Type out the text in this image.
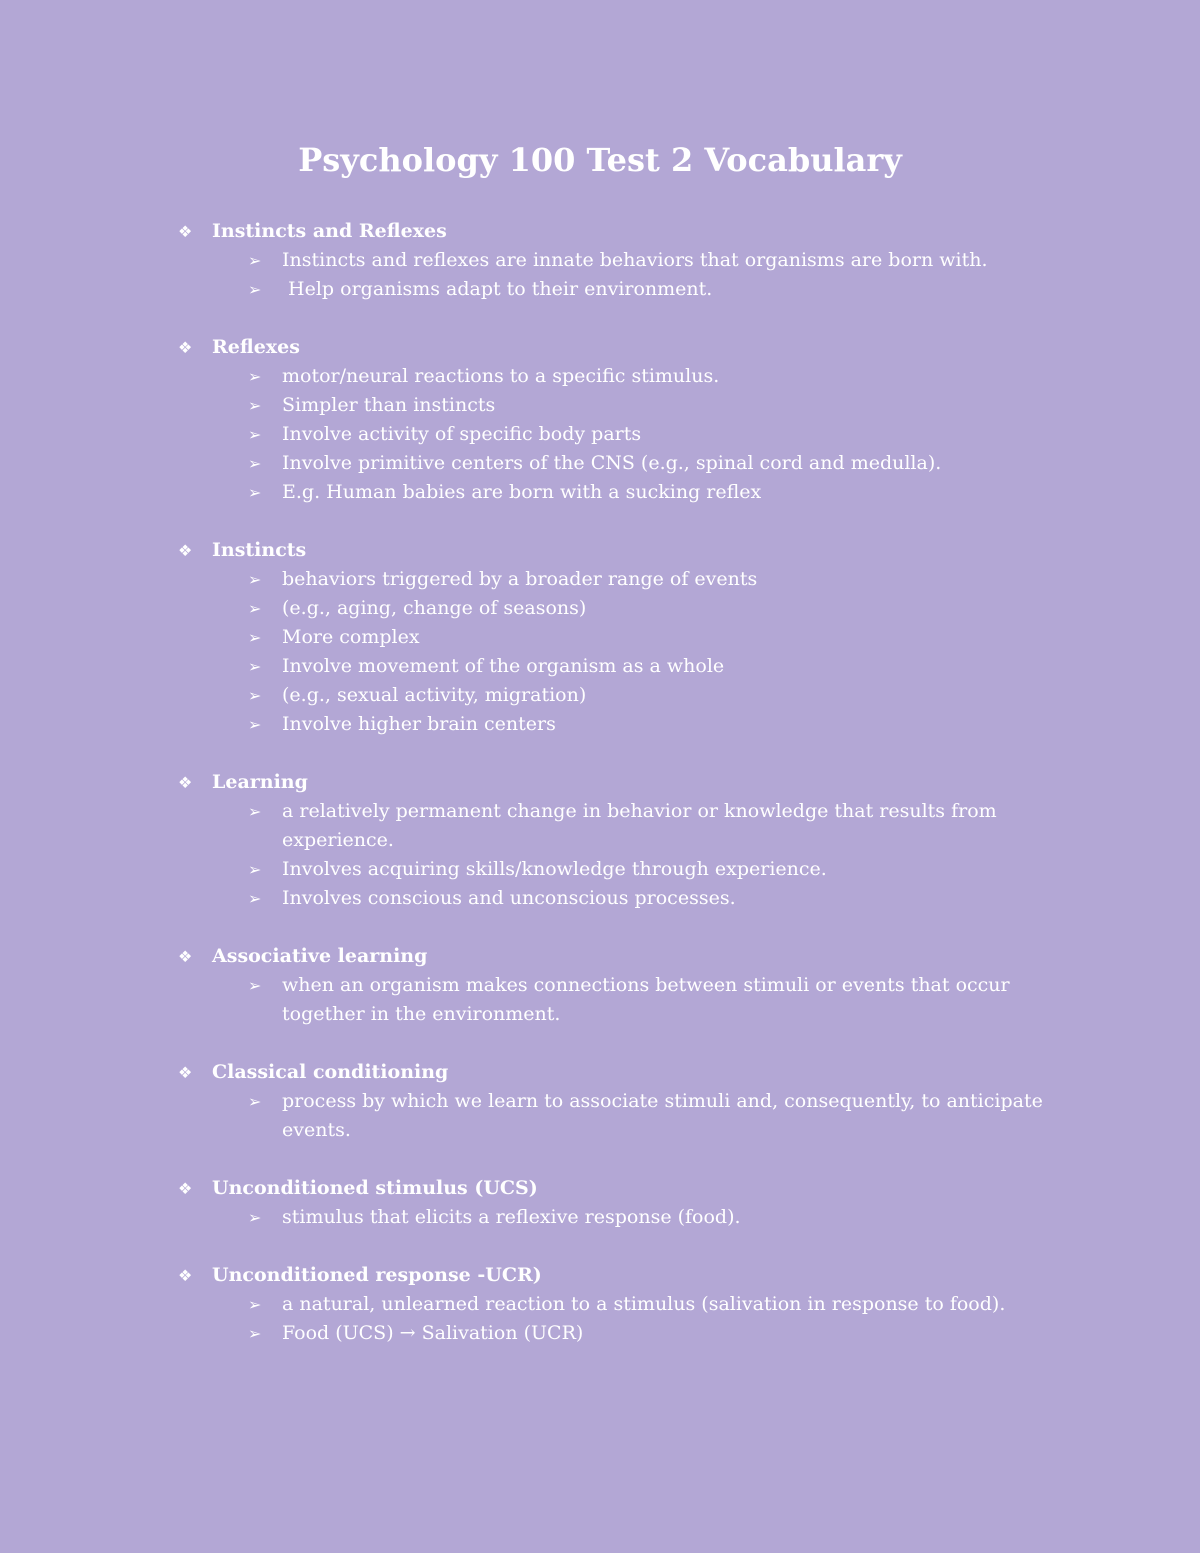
Psychology 100 Test 2 Vocabulary
❖	Instincts and Reflexes
➢	Instincts and reflexes are innate behaviors that organisms are born with.
➢	Help organisms adapt to their environment.
❖	Reflexes
➢	motor/neural reactions to a specific stimulus.
➢	Simpler than instincts
➢	Involve activity of specific body parts
➢	Involve primitive centers of the CNS (e.g., spinal cord and medulla).
➢	E.g. Human babies are born with a sucking reflex
❖	Instincts
➢	behaviors triggered by a broader range of events
➢	(e.g., aging, change of seasons)
➢	More complex
➢	Involve movement of the organism as a whole
➢	(e.g., sexual activity, migration)
➢	Involve higher brain centers
❖	Learning
➢	a relatively permanent change in behavior or knowledge that results from experience.
➢	Involves acquiring skills/knowledge through experience.
➢	Involves conscious and unconscious processes.
❖	Associative learning
➢	when an organism makes connections between stimuli or events that occur together in the environment.
❖	Classical conditioning
➢	process by which we learn to associate stimuli and, consequently, to anticipate events.
❖	Unconditioned stimulus (UCS)
➢	stimulus that elicits a reflexive response (food).
❖	Unconditioned response -UCR)
➢	a natural, unlearned reaction to a stimulus (salivation in response to food).
➢	Food (UCS) → Salivation (UCR)
